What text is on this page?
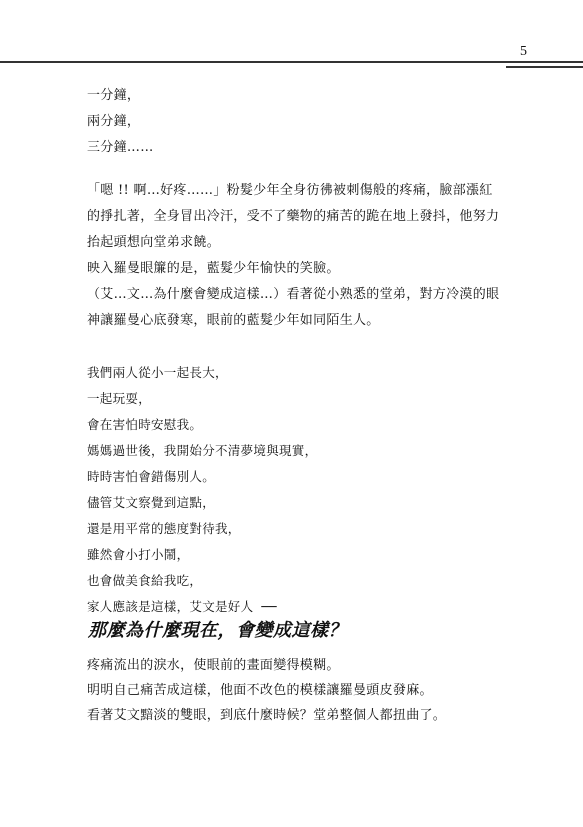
5
一分鐘，
兩分鐘，
三分鐘……
「嗯 !! 啊…好疼……」粉髮少年全身彷彿被刺傷般的疼痛，臉部漲紅
的掙扎著，全身冒出冷汗，受不了藥物的痛苦的跪在地上發抖，他努力
抬起頭想向堂弟求饒。
映入羅曼眼簾的是，藍髮少年愉快的笑臉。
（艾…文…為什麼會變成這樣…）看著從小熟悉的堂弟，對方冷漠的眼
神讓羅曼心底發寒，眼前的藍髮少年如同陌生人。
我們兩人從小一起長大，
一起玩耍，
會在害怕時安慰我。
媽媽過世後，我開始分不清夢境與現實，
時時害怕會錯傷別人。
儘管艾文察覺到這點，
還是用平常的態度對待我，
雖然會小打小鬧，
也會做美食給我吃，
家人應該是這樣，艾文是好人 ──
那麼為什麼現在，會變成這樣？
疼痛流出的淚水，使眼前的畫面變得模糊。
明明自己痛苦成這樣，他面不改色的模樣讓羅曼頭皮發麻。
看著艾文黯淡的雙眼，到底什麼時候？堂弟整個人都扭曲了。
